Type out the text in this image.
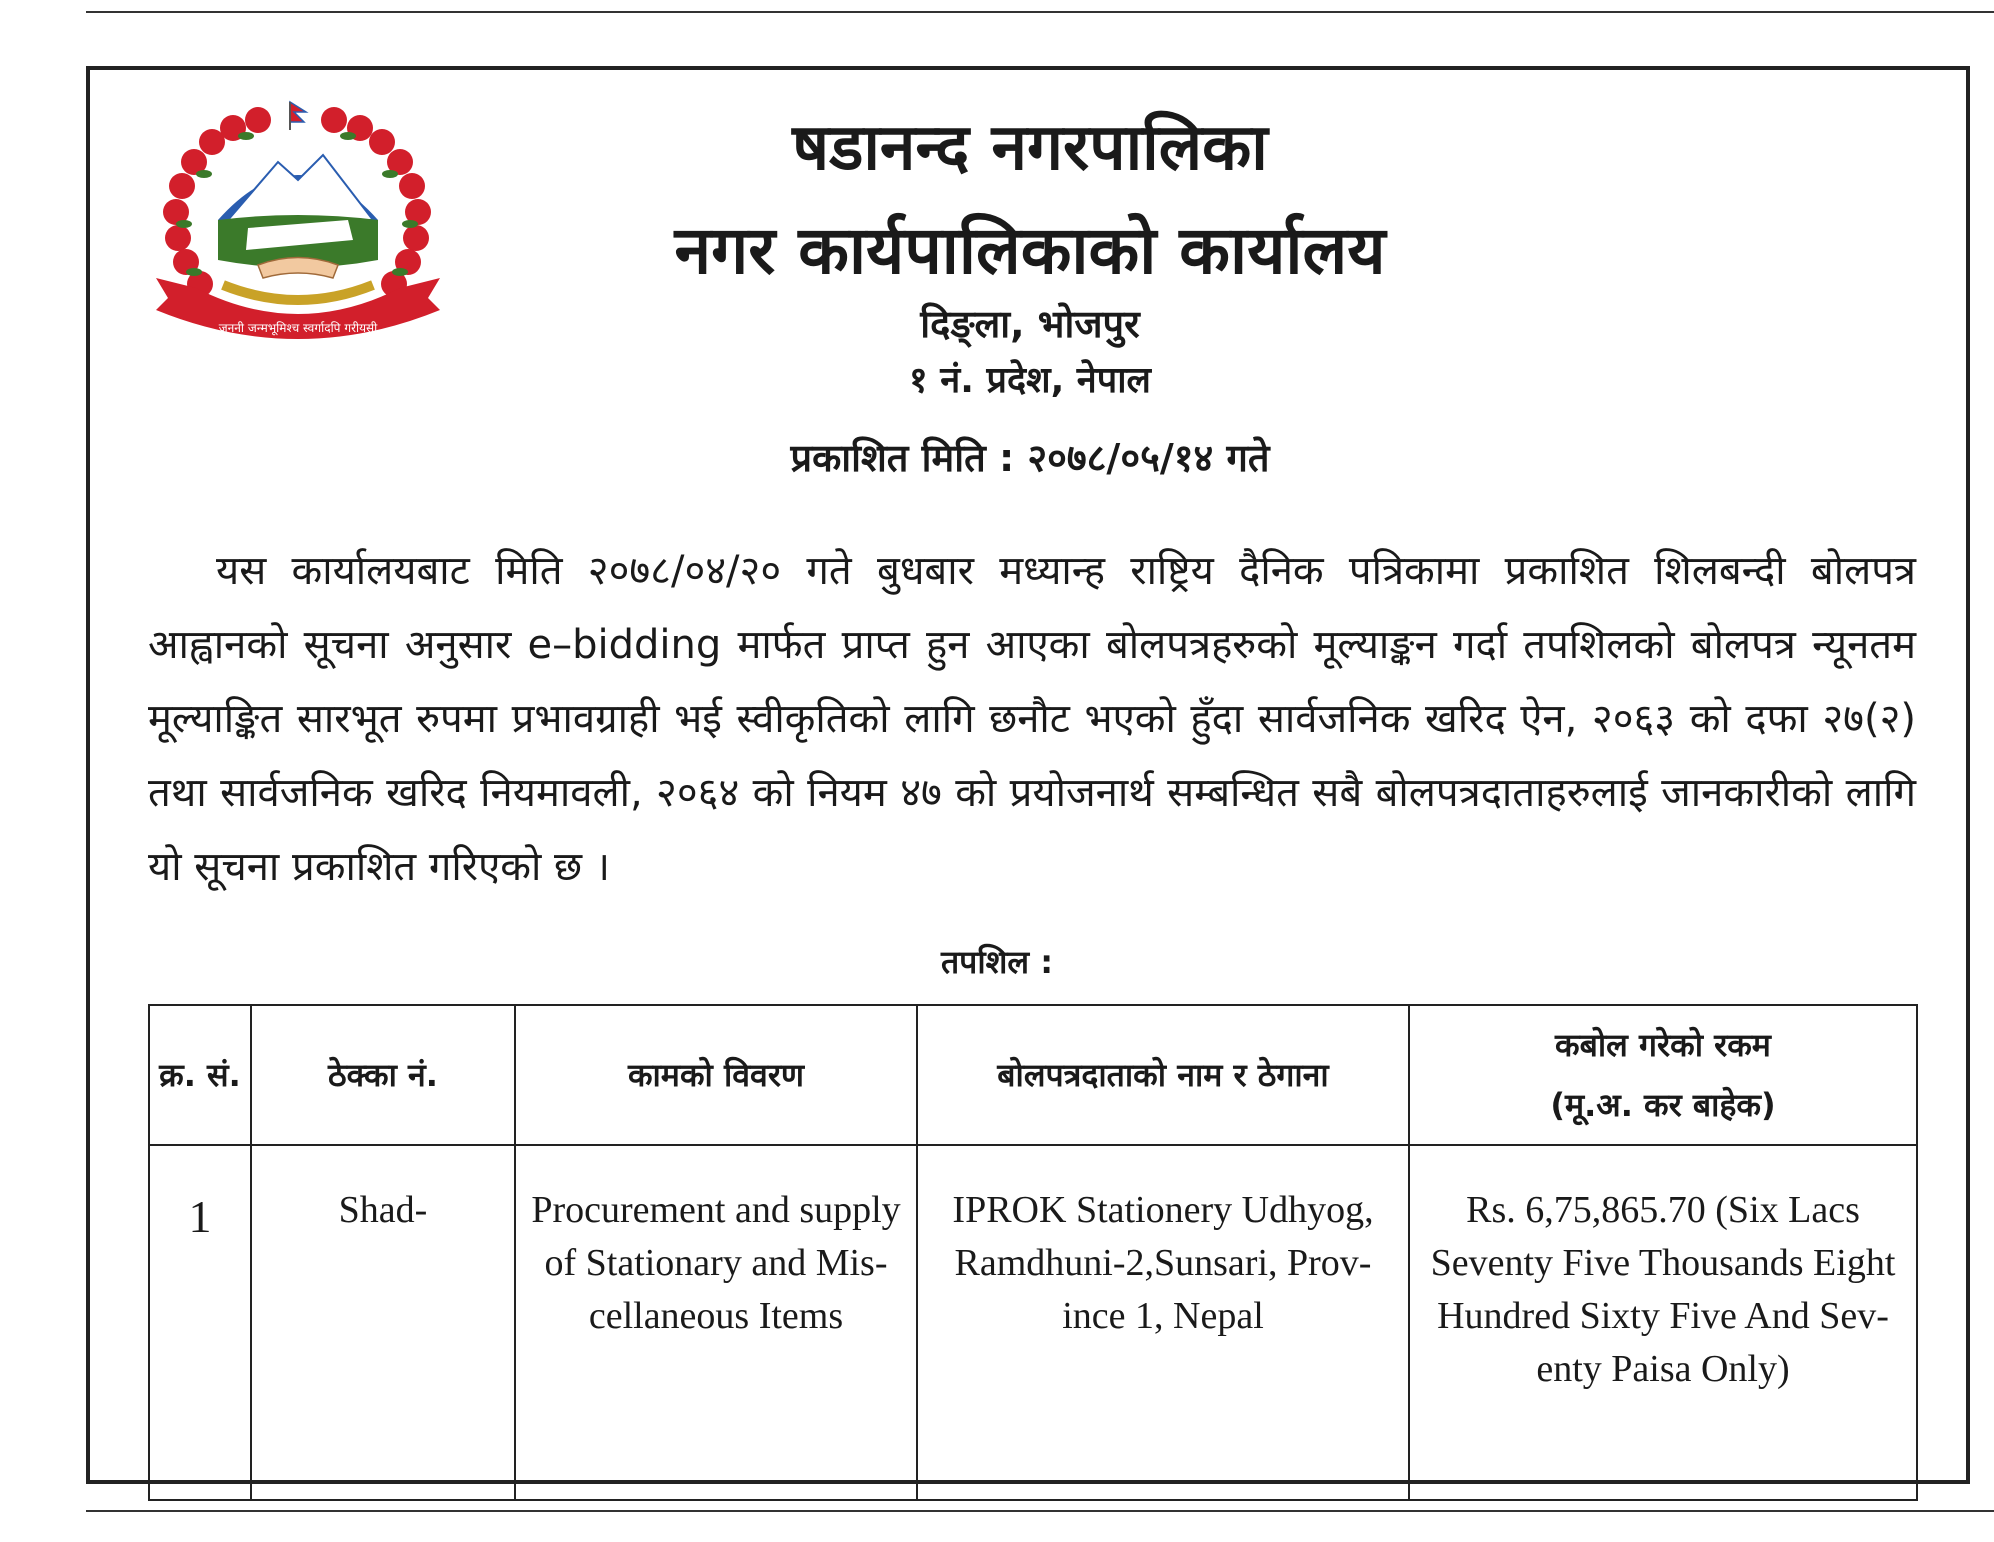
जननी जन्मभूमिश्च स्वर्गादपि गरीयसी
षडानन्द नगरपालिका
नगर कार्यपालिकाको कार्यालय
दिङ्ला, भोजपुर
१ नं. प्रदेश, नेपाल
प्रकाशित मिति : २०७८/०५/१४ गते
यस कार्यालयबाट मिति २०७८/०४/२० गते बुधबार मध्यान्ह राष्ट्रिय दैनिक पत्रिकामा प्रकाशित शिलबन्दी बोलपत्र आह्वानको सूचना अनुसार e–bidding मार्फत प्राप्त हुन आएका बोलपत्रहरुको मूल्याङ्कन गर्दा तपशिलको बोलपत्र न्यूनतम मूल्याङ्कित सारभूत रुपमा प्रभावग्राही भई स्वीकृतिको लागि छनौट भएको हुँदा सार्वजनिक खरिद ऐन, २०६३ को दफा २७(२) तथा सार्वजनिक खरिद नियमावली, २०६४ को नियम ४७ को प्रयोजनार्थ सम्बन्धित सबै बोलपत्रदाताहरुलाई जानकारीको लागि यो सूचना प्रकाशित गरिएको छ ।
तपशिल :
क्र. सं.	ठेक्का नं.	कामको विवरण	बोलपत्रदाताको नाम र ठेगाना	कबोल गरेको रकम
(मू.अ. कर बाहेक)

1	Shad-	Procurement and supply of Stationary and Mis- cellaneous Items	IPROK Stationery Udhyog, Ramdhuni-2,Sunsari, Prov- ince 1, Nepal	Rs. 6,75,865.70 (Six Lacs Seventy Five Thousands Eight Hundred Sixty Five And Sev- enty Paisa Only)
